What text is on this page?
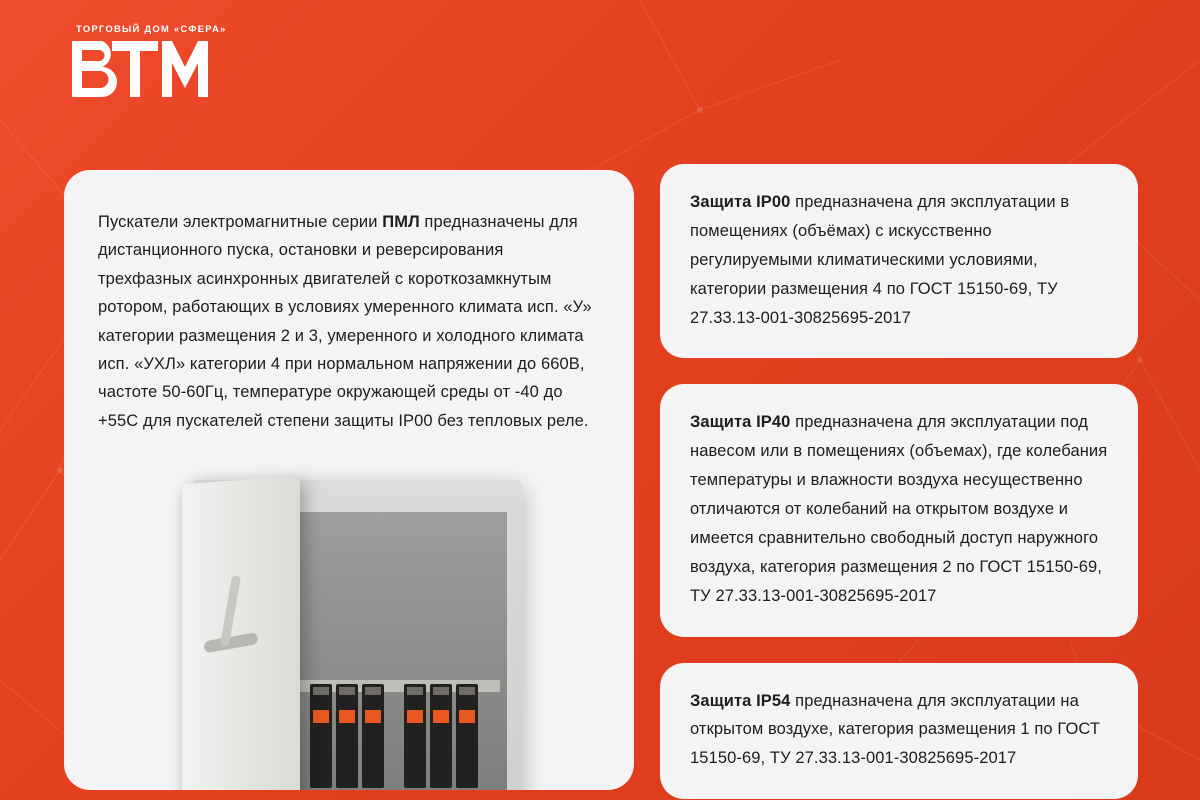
ТОРГОВЫЙ ДОМ «СФЕРА»
Пускатели электромагнитные серии ПМЛ предназначены для дистанционного пуска, остановки и реверсирования трехфазных асинхронных двигателей с короткозамкнутым ротором, работающих в условиях умеренного климата исп. «У» категории размещения 2 и 3, умеренного и холодного климата исп. «УХЛ» категории 4 при нормальном напряжении до 660В, частоте 50-60Гц, температуре окружающей среды от -40 до +55С для пускателей степени защиты IP00 без тепловых реле.
Защита IP00 предназначена для эксплуатации в помещениях (объёмах) с искусственно регулируемыми климатическими условиями, категории размещения 4 по ГОСТ 15150-69, ТУ 27.33.13-001-30825695-2017
Защита IP40 предназначена для эксплуатации под навесом или в помещениях (объемах), где колебания температуры и влажности воздуха несущественно отличаются от колебаний на открытом воздухе и имеется сравнительно свободный доступ наружного воздуха, категория размещения 2 по ГОСТ 15150-69, ТУ 27.33.13-001-30825695-2017
Защита IP54 предназначена для эксплуатации на открытом воздухе, категория размещения 1 по ГОСТ 15150-69, ТУ 27.33.13-001-30825695-2017
